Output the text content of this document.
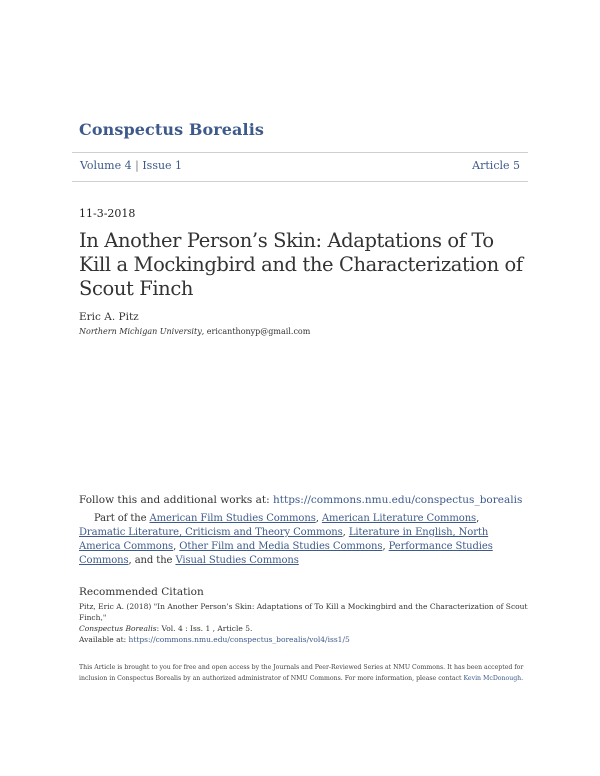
Conspectus Borealis
Volume 4 | Issue 1	Article 5
11-3-2018
In Another Person’s Skin: Adaptations of To Kill a Mockingbird and the Characterization of Scout Finch
Eric A. Pitz
Northern Michigan University, ericanthonyp@gmail.com
Follow this and additional works at: https://commons.nmu.edu/conspectus_borealis
Part of the American Film Studies Commons, American Literature Commons, Dramatic Literature, Criticism and Theory Commons, Literature in English, North America Commons, Other Film and Media Studies Commons, Performance Studies Commons, and the Visual Studies Commons
Recommended Citation
Pitz, Eric A. (2018) "In Another Person’s Skin: Adaptations of To Kill a Mockingbird and the Characterization of Scout Finch,"
Conspectus Borealis: Vol. 4 : Iss. 1 , Article 5.
Available at: https://commons.nmu.edu/conspectus_borealis/vol4/iss1/5
This Article is brought to you for free and open access by the Journals and Peer-Reviewed Series at NMU Commons. It has been accepted for inclusion in Conspectus Borealis by an authorized administrator of NMU Commons. For more information, please contact Kevin McDonough.
